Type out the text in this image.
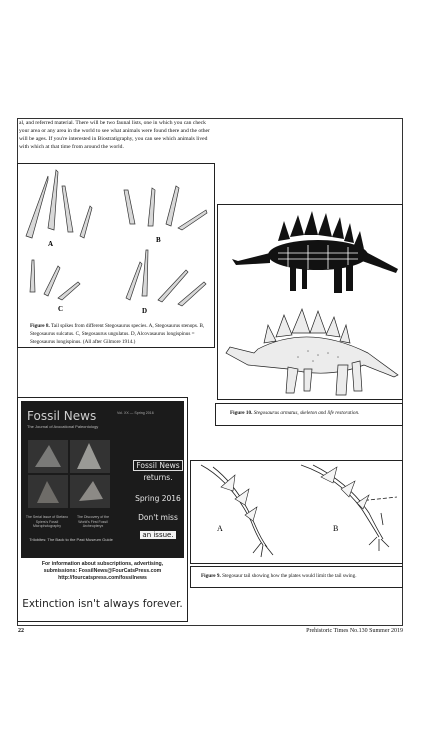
al, and referred material. There will be two faunal lists, one in which you can check your area or any area in the world to see what animals were found there and the other will be ages. If you're interested in Biostratigraphy, you can see which animals lived with which at that time from around the world.
A	B
C	D
Figure 8. Tail spikes from different Stegosaurus species. A, Stegosaurus stenops. B, Stegosaurus sulcatus. C, Stegosaurus ungulatus. D, Alcovasaurus longispinus = Stegosaurus longispinus. (All after Gilmore 1914.)
Figure 10. Stegosaurus armatus, skeleton and life restoration.
Fossil News	Vol. XX — Spring 2016
The Journal of Avocational Paleontology
The Serial Issue of Stefano Spiers's Fossil Microphotography
The Discovery of the World's First Fossil Archeopteryx
Trilobites: The Back to the Past Museum Guide
Fossil News
returns.
Spring 2016
Don't miss
an issue.
For information about subscriptions, advertising,
submissions: FossilNews@FourCatsPress.com
http://fourcatspress.com/fossilnews
Extinction isn't always forever.
A	B
Figure 9. Stegosaur tail showing how the plates would limit the tail swing.
22	Prehistoric Times No.130 Summer 2019
